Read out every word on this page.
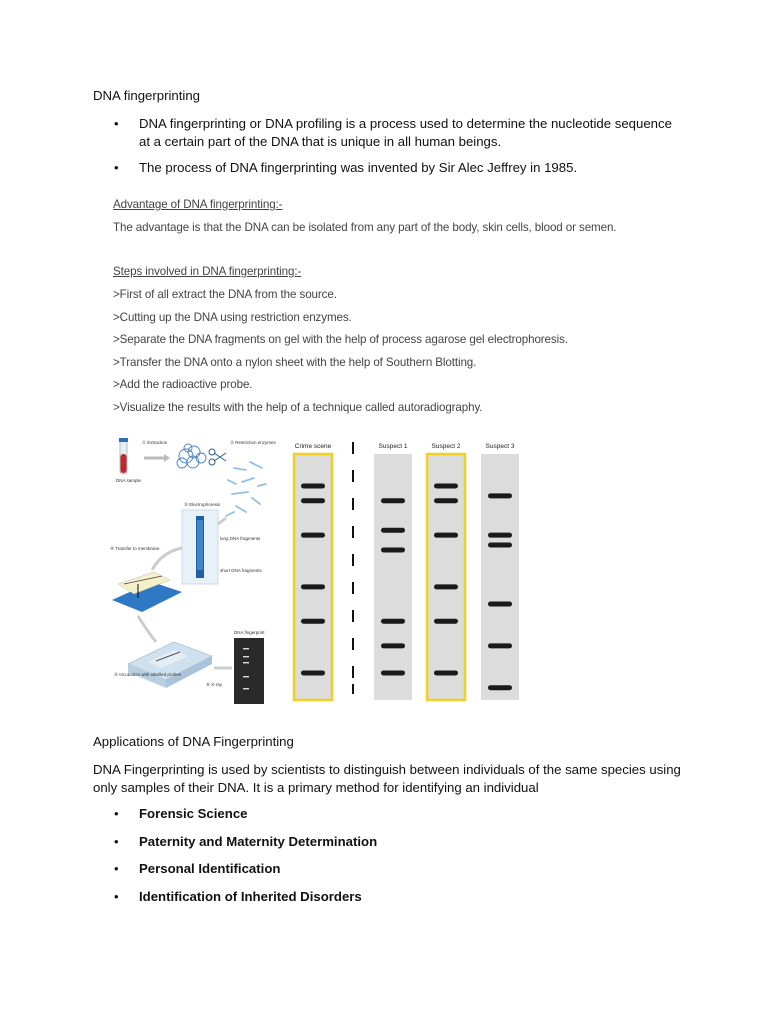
DNA fingerprinting
• DNA fingerprinting or DNA profiling is a process used to determine the nucleotide sequence
at a certain part of the DNA that is unique in all human beings.
• The process of DNA fingerprinting was invented by Sir Alec Jeffrey in 1985.
Advantage of DNA fingerprinting:-
The advantage is that the DNA can be isolated from any part of the body, skin cells, blood or semen.
Steps involved in DNA fingerprinting:-
>First of all extract the DNA from the source.
>Cutting up the DNA using restriction enzymes.
>Separate the DNA fragments on gel with the help of process agarose gel electrophoresis.
>Transfer the DNA onto a nylon sheet with the help of Southern Blotting.
>Add the radioactive probe.
>Visualize the results with the help of a technique called autoradiography.
DNA sample
① Extraction	② Restriction enzymes
③ Electrophoresis
long DNA fragments
short DNA fragments
④ Transfer to membrane
⑤ Incubation with labelled probes
⑥ X-ray
DNA fingerprint
Crime scene	Suspect 1	Suspect 2	Suspect 3
Applications of DNA Fingerprinting
DNA Fingerprinting is used by scientists to distinguish between individuals of the same species using
only samples of their DNA. It is a primary method for identifying an individual
• Forensic Science
• Paternity and Maternity Determination
• Personal Identification
• Identification of Inherited Disorders
